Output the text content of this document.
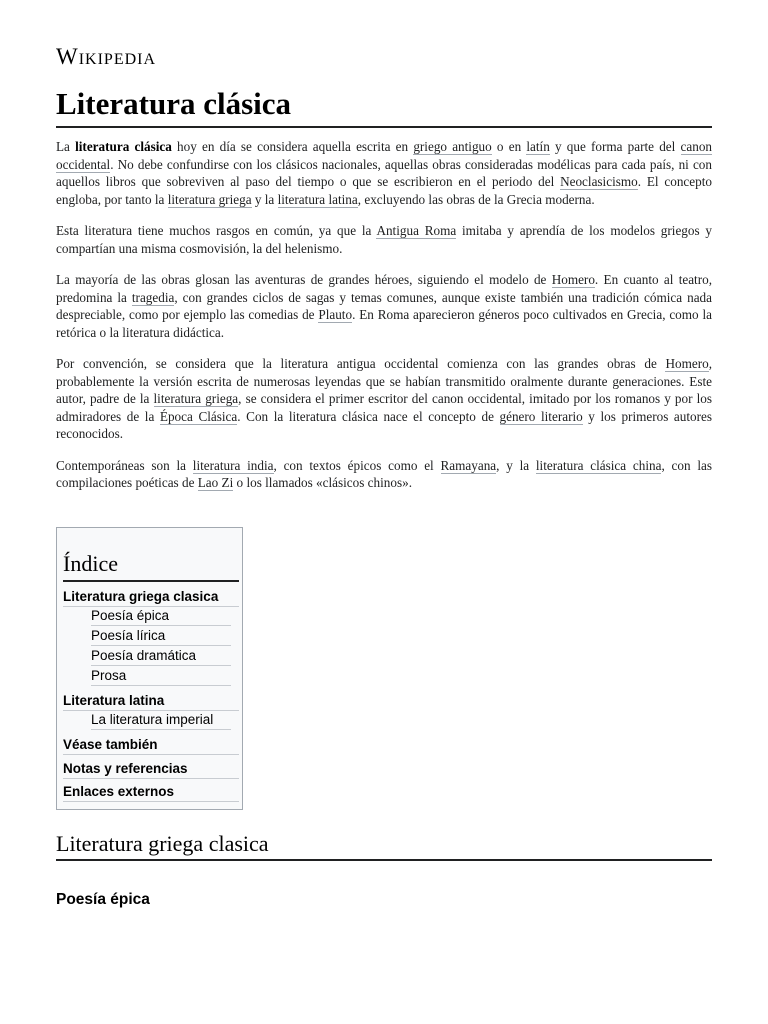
Wikipedia
Literatura clásica

La literatura clásica hoy en día se considera aquella escrita en griego antiguo o en latín y que forma parte del canon occidental. No debe confundirse con los clásicos nacionales, aquellas obras consideradas modélicas para cada país, ni con aquellos libros que sobreviven al paso del tiempo o que se escribieron en el periodo del Neoclasicismo. El concepto engloba, por tanto la literatura griega y la literatura latina, excluyendo las obras de la Grecia moderna.

Esta literatura tiene muchos rasgos en común, ya que la Antigua Roma imitaba y aprendía de los modelos griegos y compartían una misma cosmovisión, la del helenismo.

La mayoría de las obras glosan las aventuras de grandes héroes, siguiendo el modelo de Homero. En cuanto al teatro, predomina la tragedia, con grandes ciclos de sagas y temas comunes, aunque existe también una tradición cómica nada despreciable, como por ejemplo las comedias de Plauto. En Roma aparecieron géneros poco cultivados en Grecia, como la retórica o la literatura didáctica.

Por convención, se considera que la literatura antigua occidental comienza con las grandes obras de Homero, probablemente la versión escrita de numerosas leyendas que se habían transmitido oralmente durante generaciones. Este autor, padre de la literatura griega, se considera el primer escritor del canon occidental, imitado por los romanos y por los admiradores de la Época Clásica. Con la literatura clásica nace el concepto de género literario y los primeros autores reconocidos.

Contemporáneas son la literatura india, con textos épicos como el Ramayana, y la literatura clásica china, con las compilaciones poéticas de Lao Zi o los llamados «clásicos chinos».

Índice
Literatura griega clasica
Poesía épica
Poesía lírica
Poesía dramática
Prosa
Literatura latina
La literatura imperial
Véase también
Notas y referencias
Enlaces externos
Literatura griega clasica
Poesía épica
